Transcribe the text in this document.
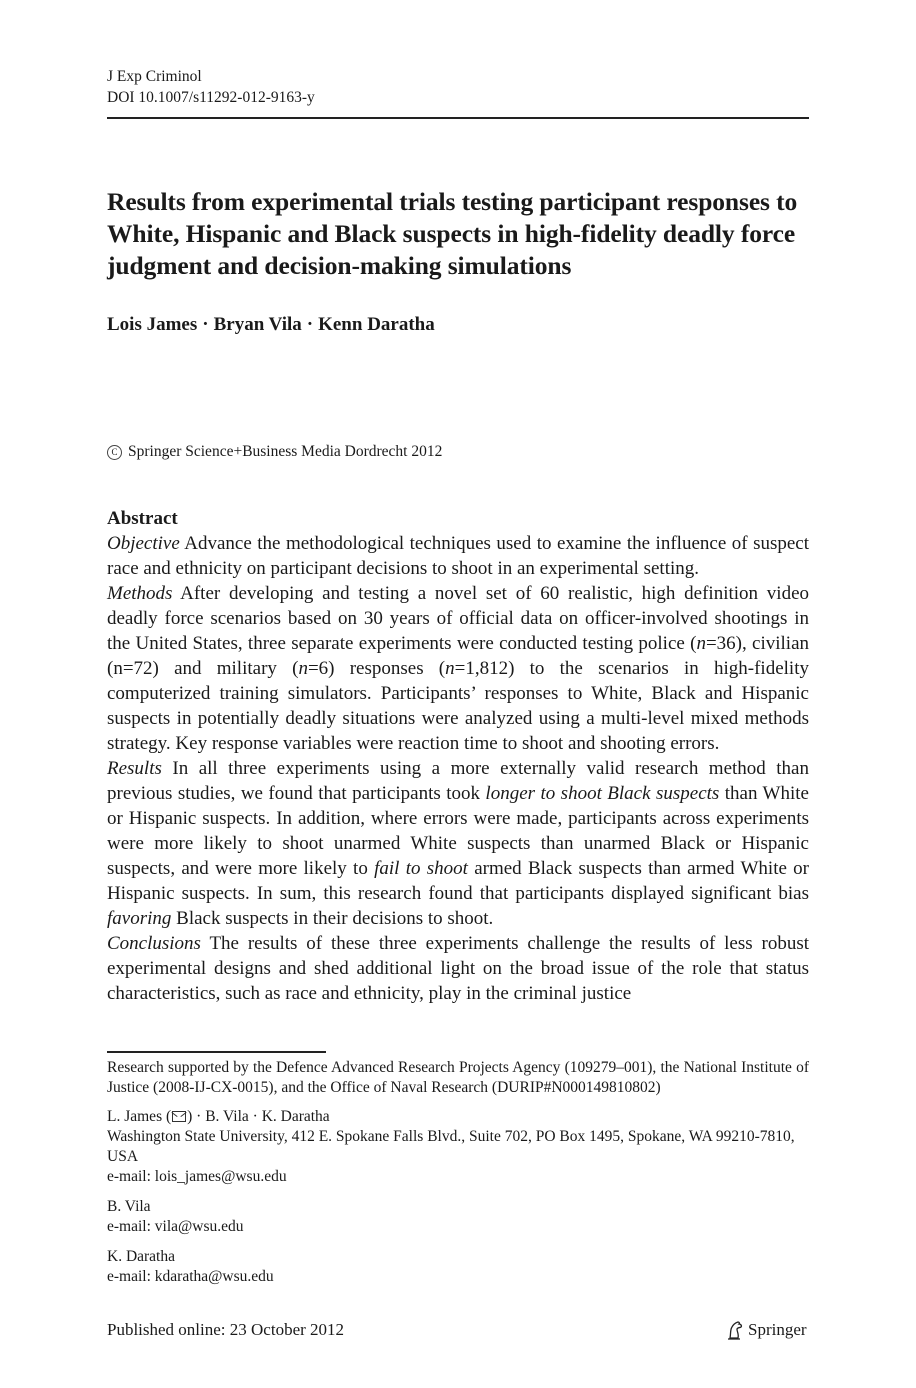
J Exp Criminol
DOI 10.1007/s11292-012-9163-y
Results from experimental trials testing participant responses to White, Hispanic and Black suspects in high-fidelity deadly force judgment and decision-making simulations
Lois James · Bryan Vila · Kenn Daratha
C Springer Science+Business Media Dordrecht 2012
Abstract

Objective Advance the methodological techniques used to examine the influence of suspect race and ethnicity on participant decisions to shoot in an experimental setting.

Methods After developing and testing a novel set of 60 realistic, high definition video deadly force scenarios based on 30 years of official data on officer-involved shootings in the United States, three separate experiments were conducted testing police (n=36), civilian (n=72) and military (n=6) responses (n=1,812) to the scenarios in high-fidelity computerized training simulators. Participants’ responses to White, Black and Hispanic suspects in potentially deadly situations were analyzed using a multi-level mixed methods strategy. Key response variables were reaction time to shoot and shooting errors.

Results In all three experiments using a more externally valid research method than previous studies, we found that participants took longer to shoot Black suspects than White or Hispanic suspects. In addition, where errors were made, participants across experiments were more likely to shoot unarmed White suspects than unarmed Black or Hispanic suspects, and were more likely to fail to shoot armed Black suspects than armed White or Hispanic suspects. In sum, this research found that participants displayed significant bias favoring Black suspects in their decisions to shoot.

Conclusions The results of these three experiments challenge the results of less robust experimental designs and shed additional light on the broad issue of the role that status characteristics, such as race and ethnicity, play in the criminal justice

Research supported by the Defence Advanced Research Projects Agency (109279–001), the National Institute of Justice (2008-IJ-CX-0015), and the Office of Naval Research (DURIP#N000149810802)

L. James ( ) · B. Vila · K. Daratha

Washington State University, 412 E. Spokane Falls Blvd., Suite 702, PO Box 1495, Spokane, WA 99210-7810, USA

e-mail: lois_james@wsu.edu

B. Vila

e-mail: vila@wsu.edu

K. Daratha

e-mail: kdaratha@wsu.edu

Published online: 23 October 2012	Springer
